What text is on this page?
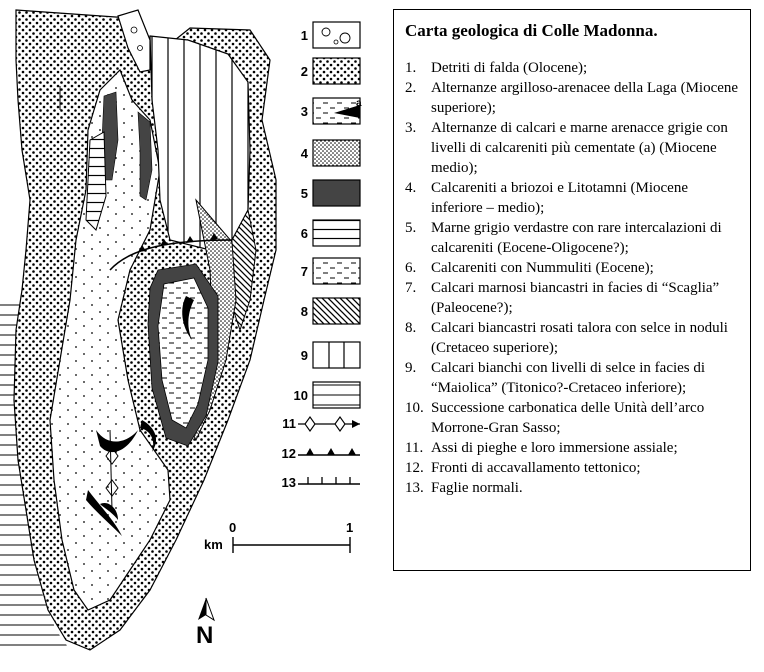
1
2
3
a
4
5
6
7
8
9
10
11
12
13
0	1
km
N
Carta geologica di Colle Madonna.
1. Detriti di falda (Olocene);
2. Alternanze argilloso-arenacee della Laga (Miocene superiore);
3. Alternanze di calcari e marne arenacce grigie con livelli di calcareniti più cementate (a) (Miocene medio);
4. Calcareniti a briozoi e Litotamni (Miocene inferiore – medio);
5. Marne grigio verdastre con rare intercalazioni di calcareniti (Eocene-Oligocene?);
6. Calcareniti con Nummuliti (Eocene);
7. Calcari marnosi biancastri in facies di “Scaglia” (Paleocene?);
8. Calcari biancastri rosati talora con selce in noduli (Cretaceo superiore);
9. Calcari bianchi con livelli di selce in facies di “Maiolica” (Titonico?-Cretaceo inferiore);
10. Successione carbonatica delle Unità dell’arco Morrone-Gran Sasso;
11. Assi di pieghe e loro immersione assiale;
12. Fronti di accavallamento tettonico;
13. Faglie normali.
